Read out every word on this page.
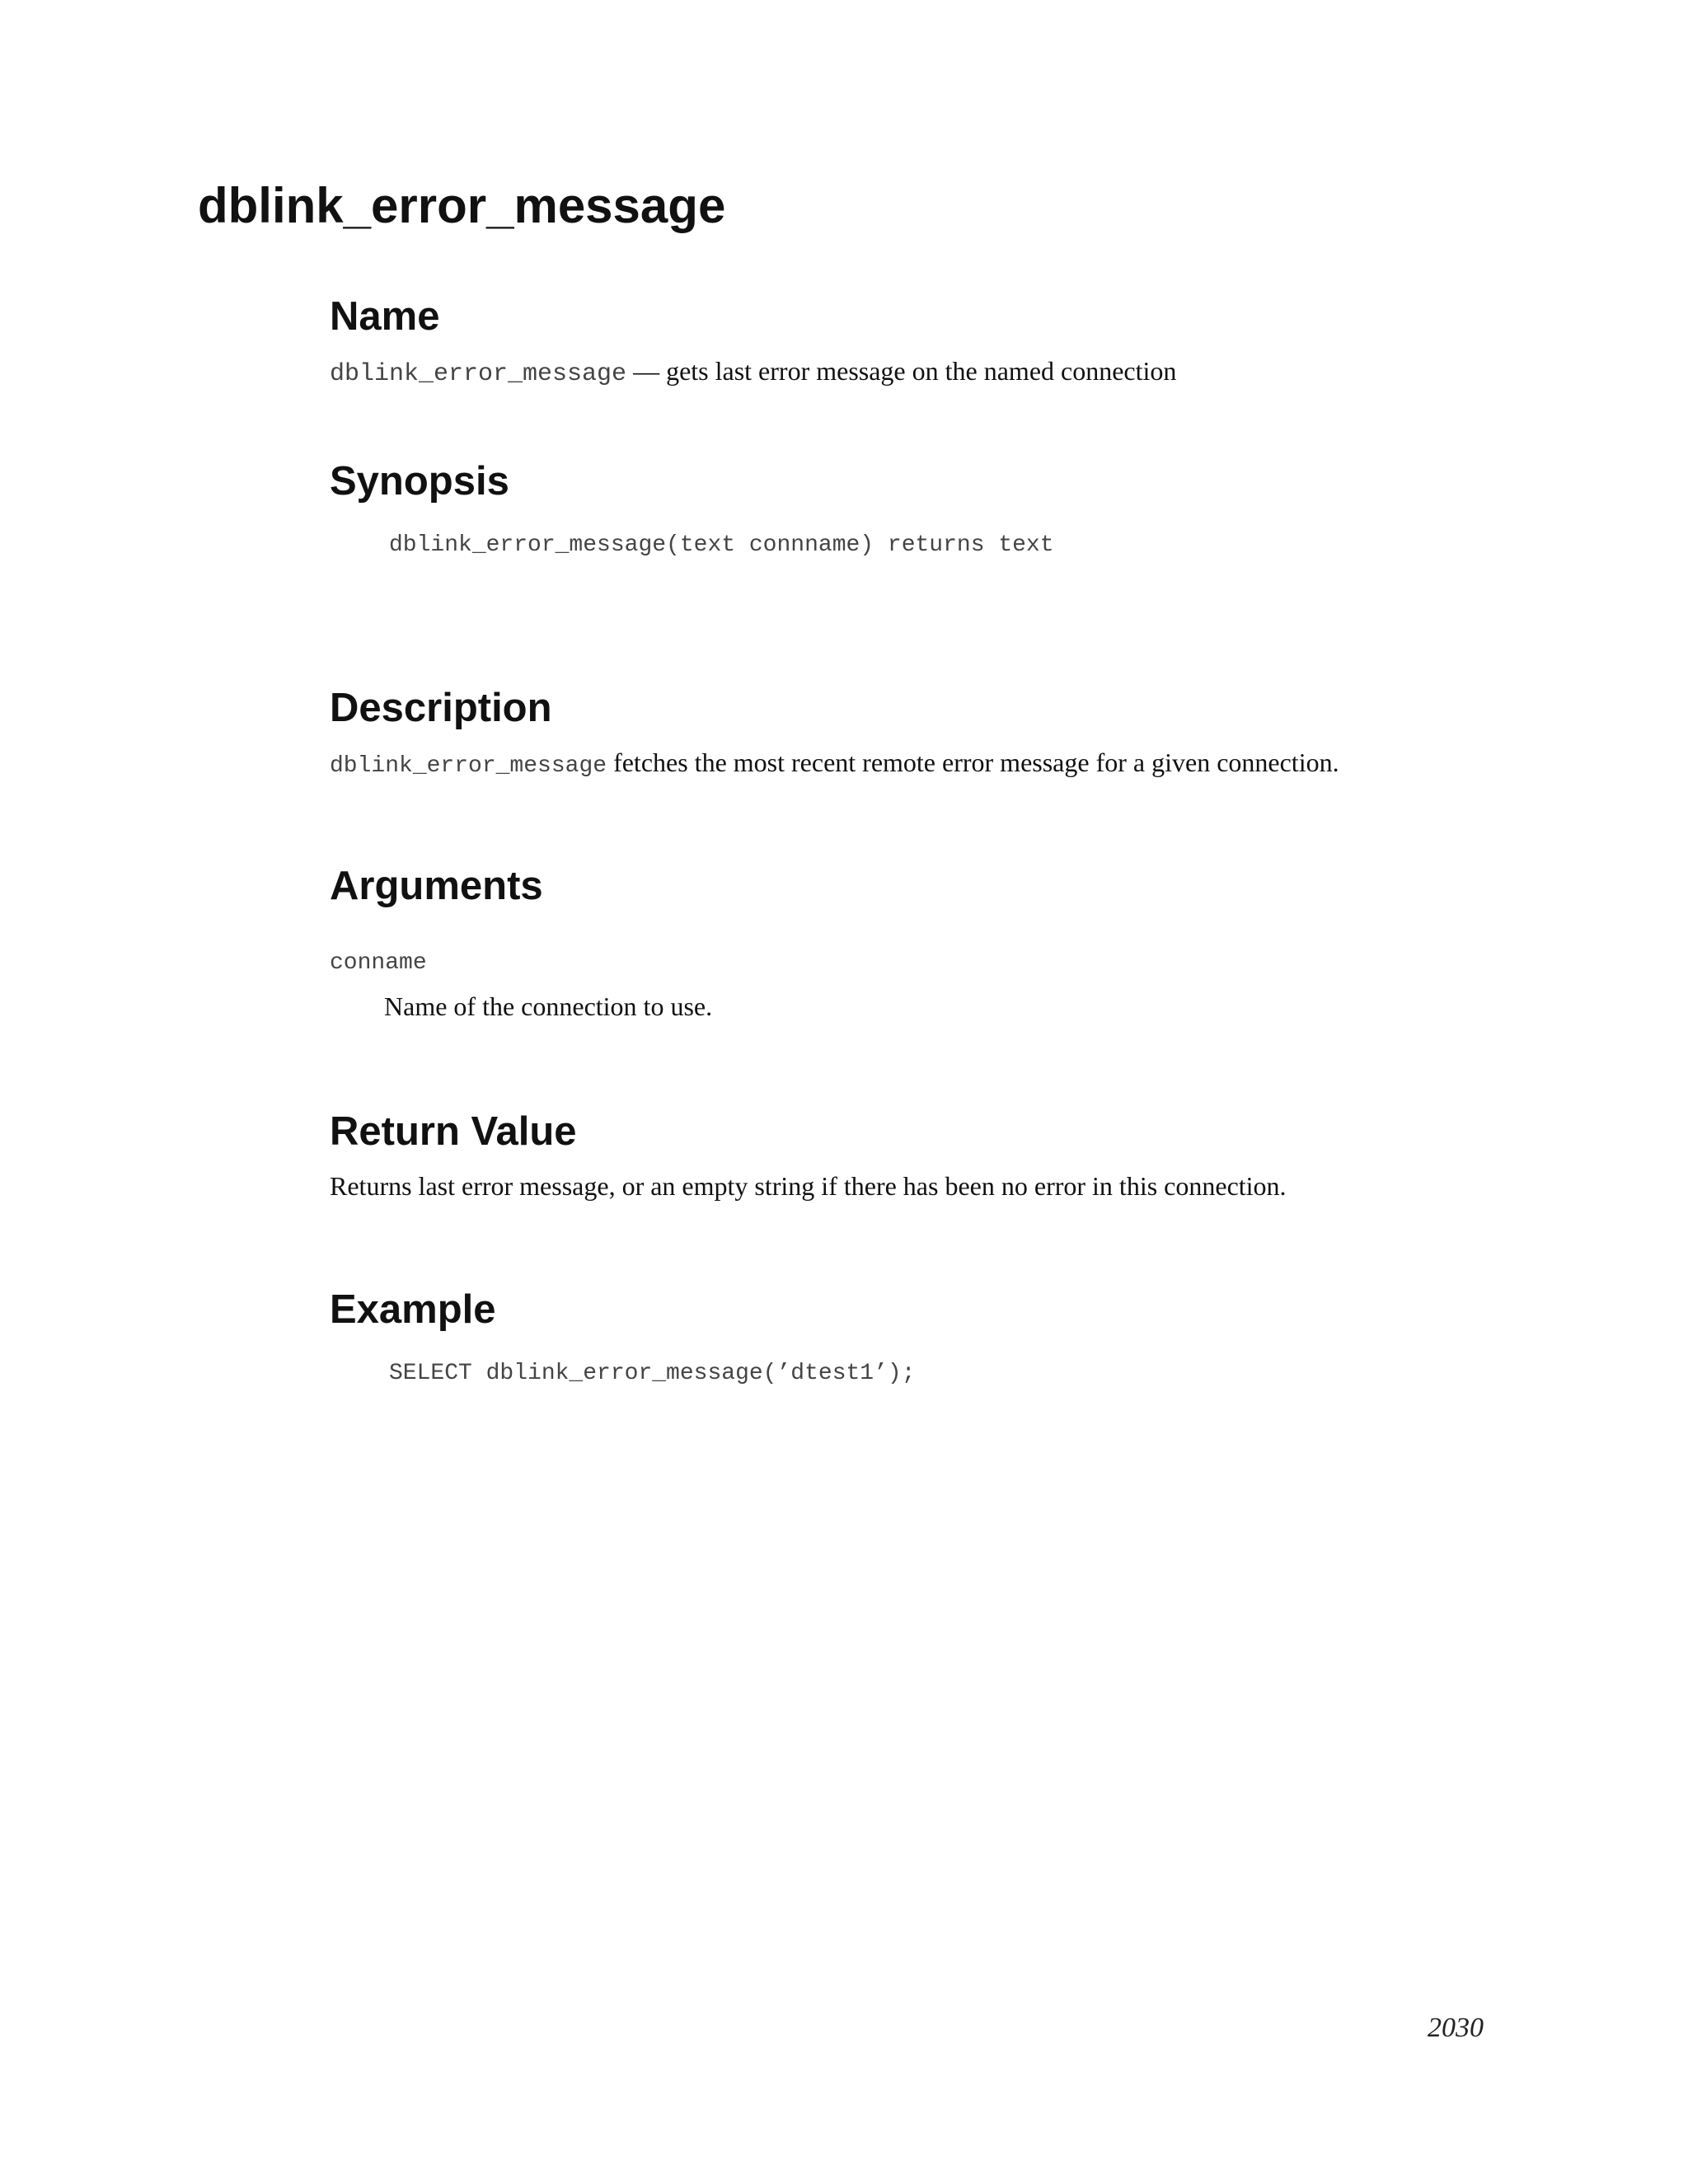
dblink_error_message
Name

dblink_error_message — gets last error message on the named connection

Synopsis
dblink_error_message(text connname) returns text
Description

dblink_error_message fetches the most recent remote error message for a given connection.

Arguments
conname
Name of the connection to use.
Return Value

Returns last error message, or an empty string if there has been no error in this connection.

Example
SELECT dblink_error_message(’dtest1’);
2030
